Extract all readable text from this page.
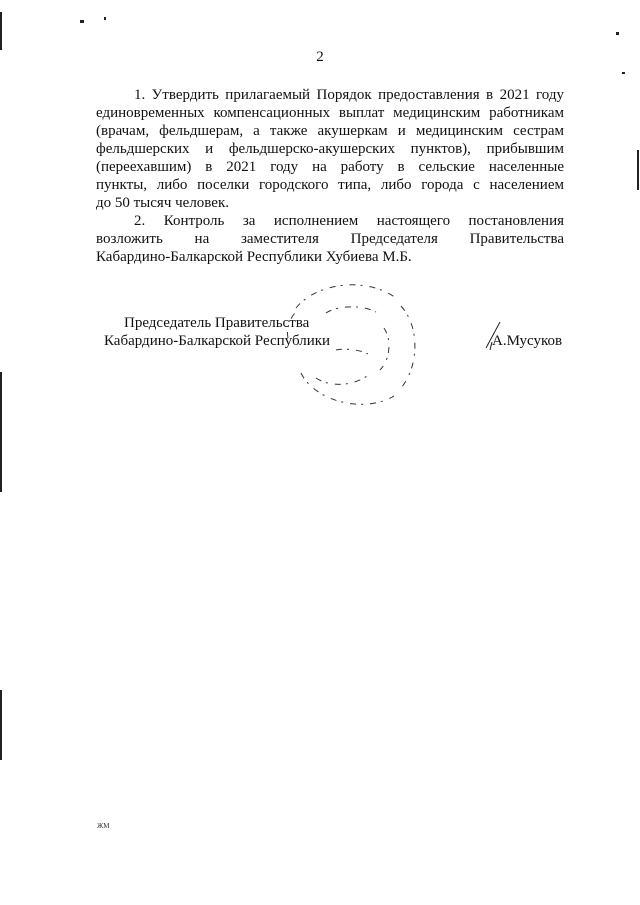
2

1. Утвердить прилагаемый Порядок предоставления в 2021 году
единовременных компенсационных выплат медицинским работникам
(врачам, фельдшерам, а также акушеркам и медицинским сестрам
фельдшерских и фельдшерско-акушерских пунктов), прибывшим
(переехавшим) в 2021 году на работу в сельские населенные
пункты, либо поселки городского типа, либо города с населением
до 50 тысяч человек.

2. Контроль за исполнением настоящего постановления
возложить на заместителя Председателя Правительства
Кабардино-Балкарской Республики Хубиева М.Б.

Председатель Правительства
Кабардино-Балкарской Республики	А.Мусуков
ЖМ
